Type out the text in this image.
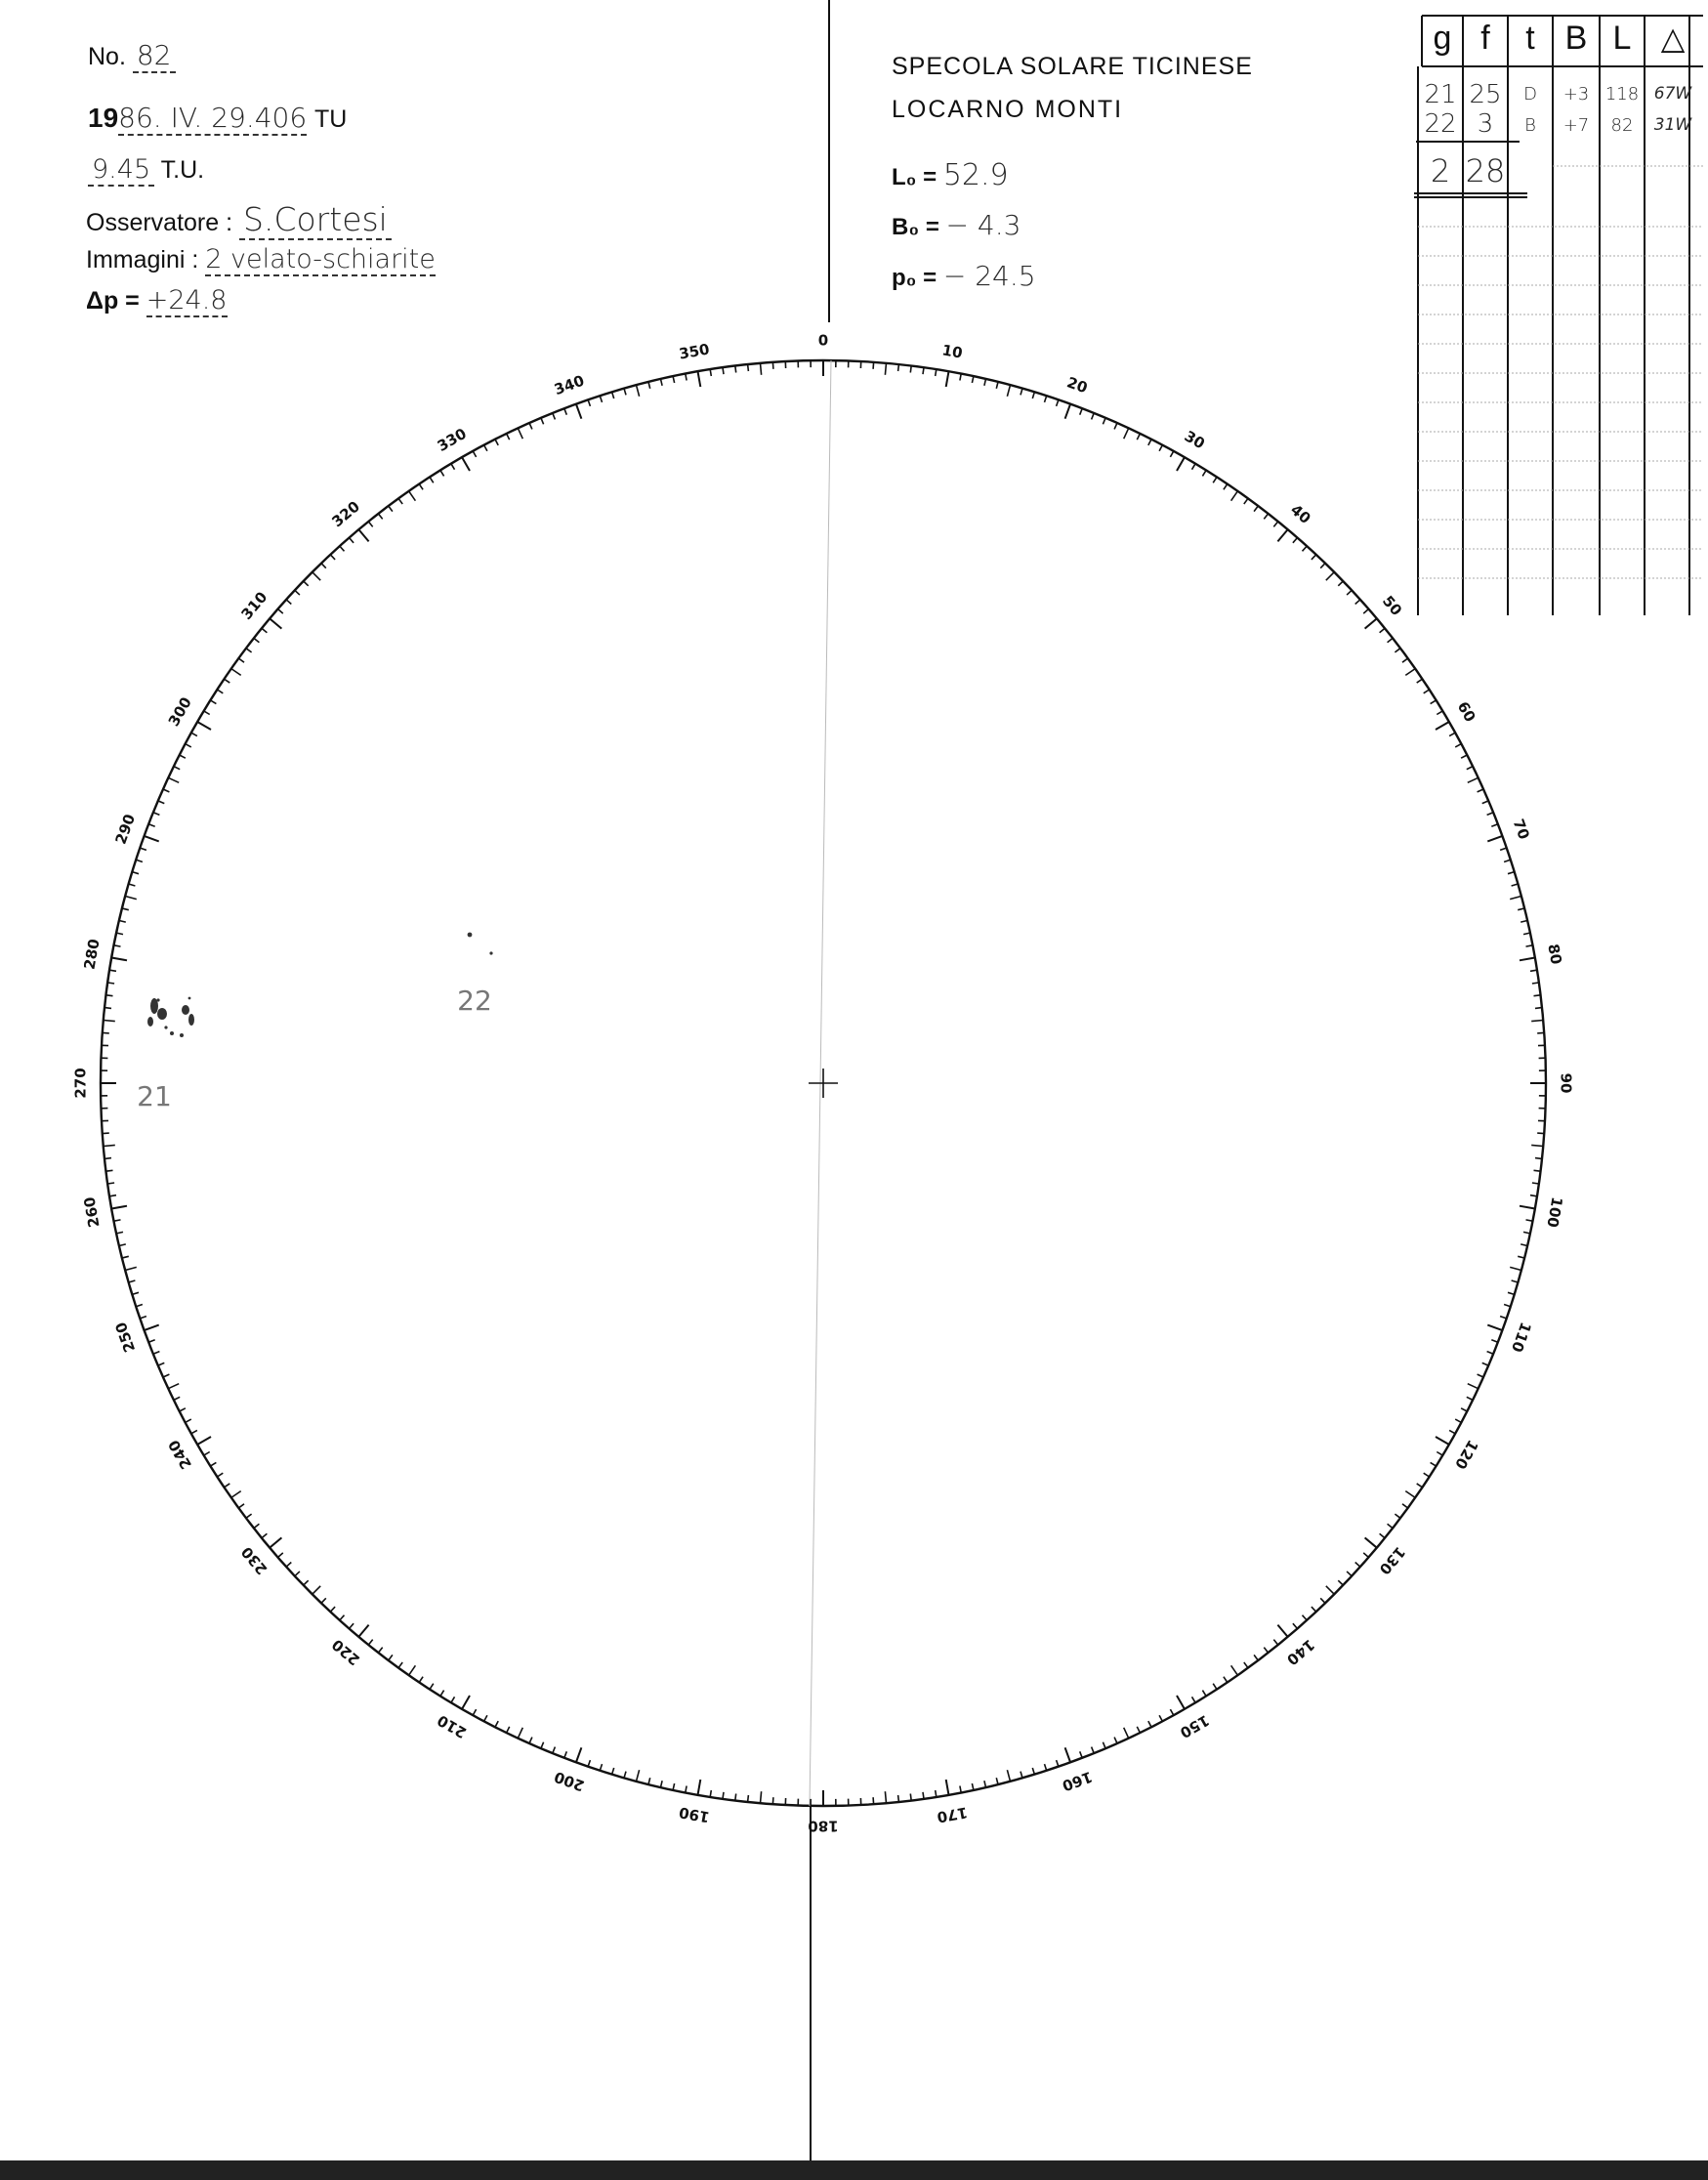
No. 82
1986. IV. 29.406 TU
9.45 T.U.
Osservatore : S.Cortesi
Immagini : 2 velato-schiarite
Δp = +24.8
SPECOLA SOLARE TICINESE
LOCARNO MONTI
L₀ = 52.9
B₀ = − 4.3
p₀ = − 24.5
g f	t B L △
21 25	D	+3 118 67W
22 3	B	+7	82	31W
2 28
0
10
20
30
40
50
60
70
80
90
100
110
120
130
140
150
160
170
180
190
200
210
220
230
240
250
260
270
280
290
300
310
320
330
340
350
21
22
